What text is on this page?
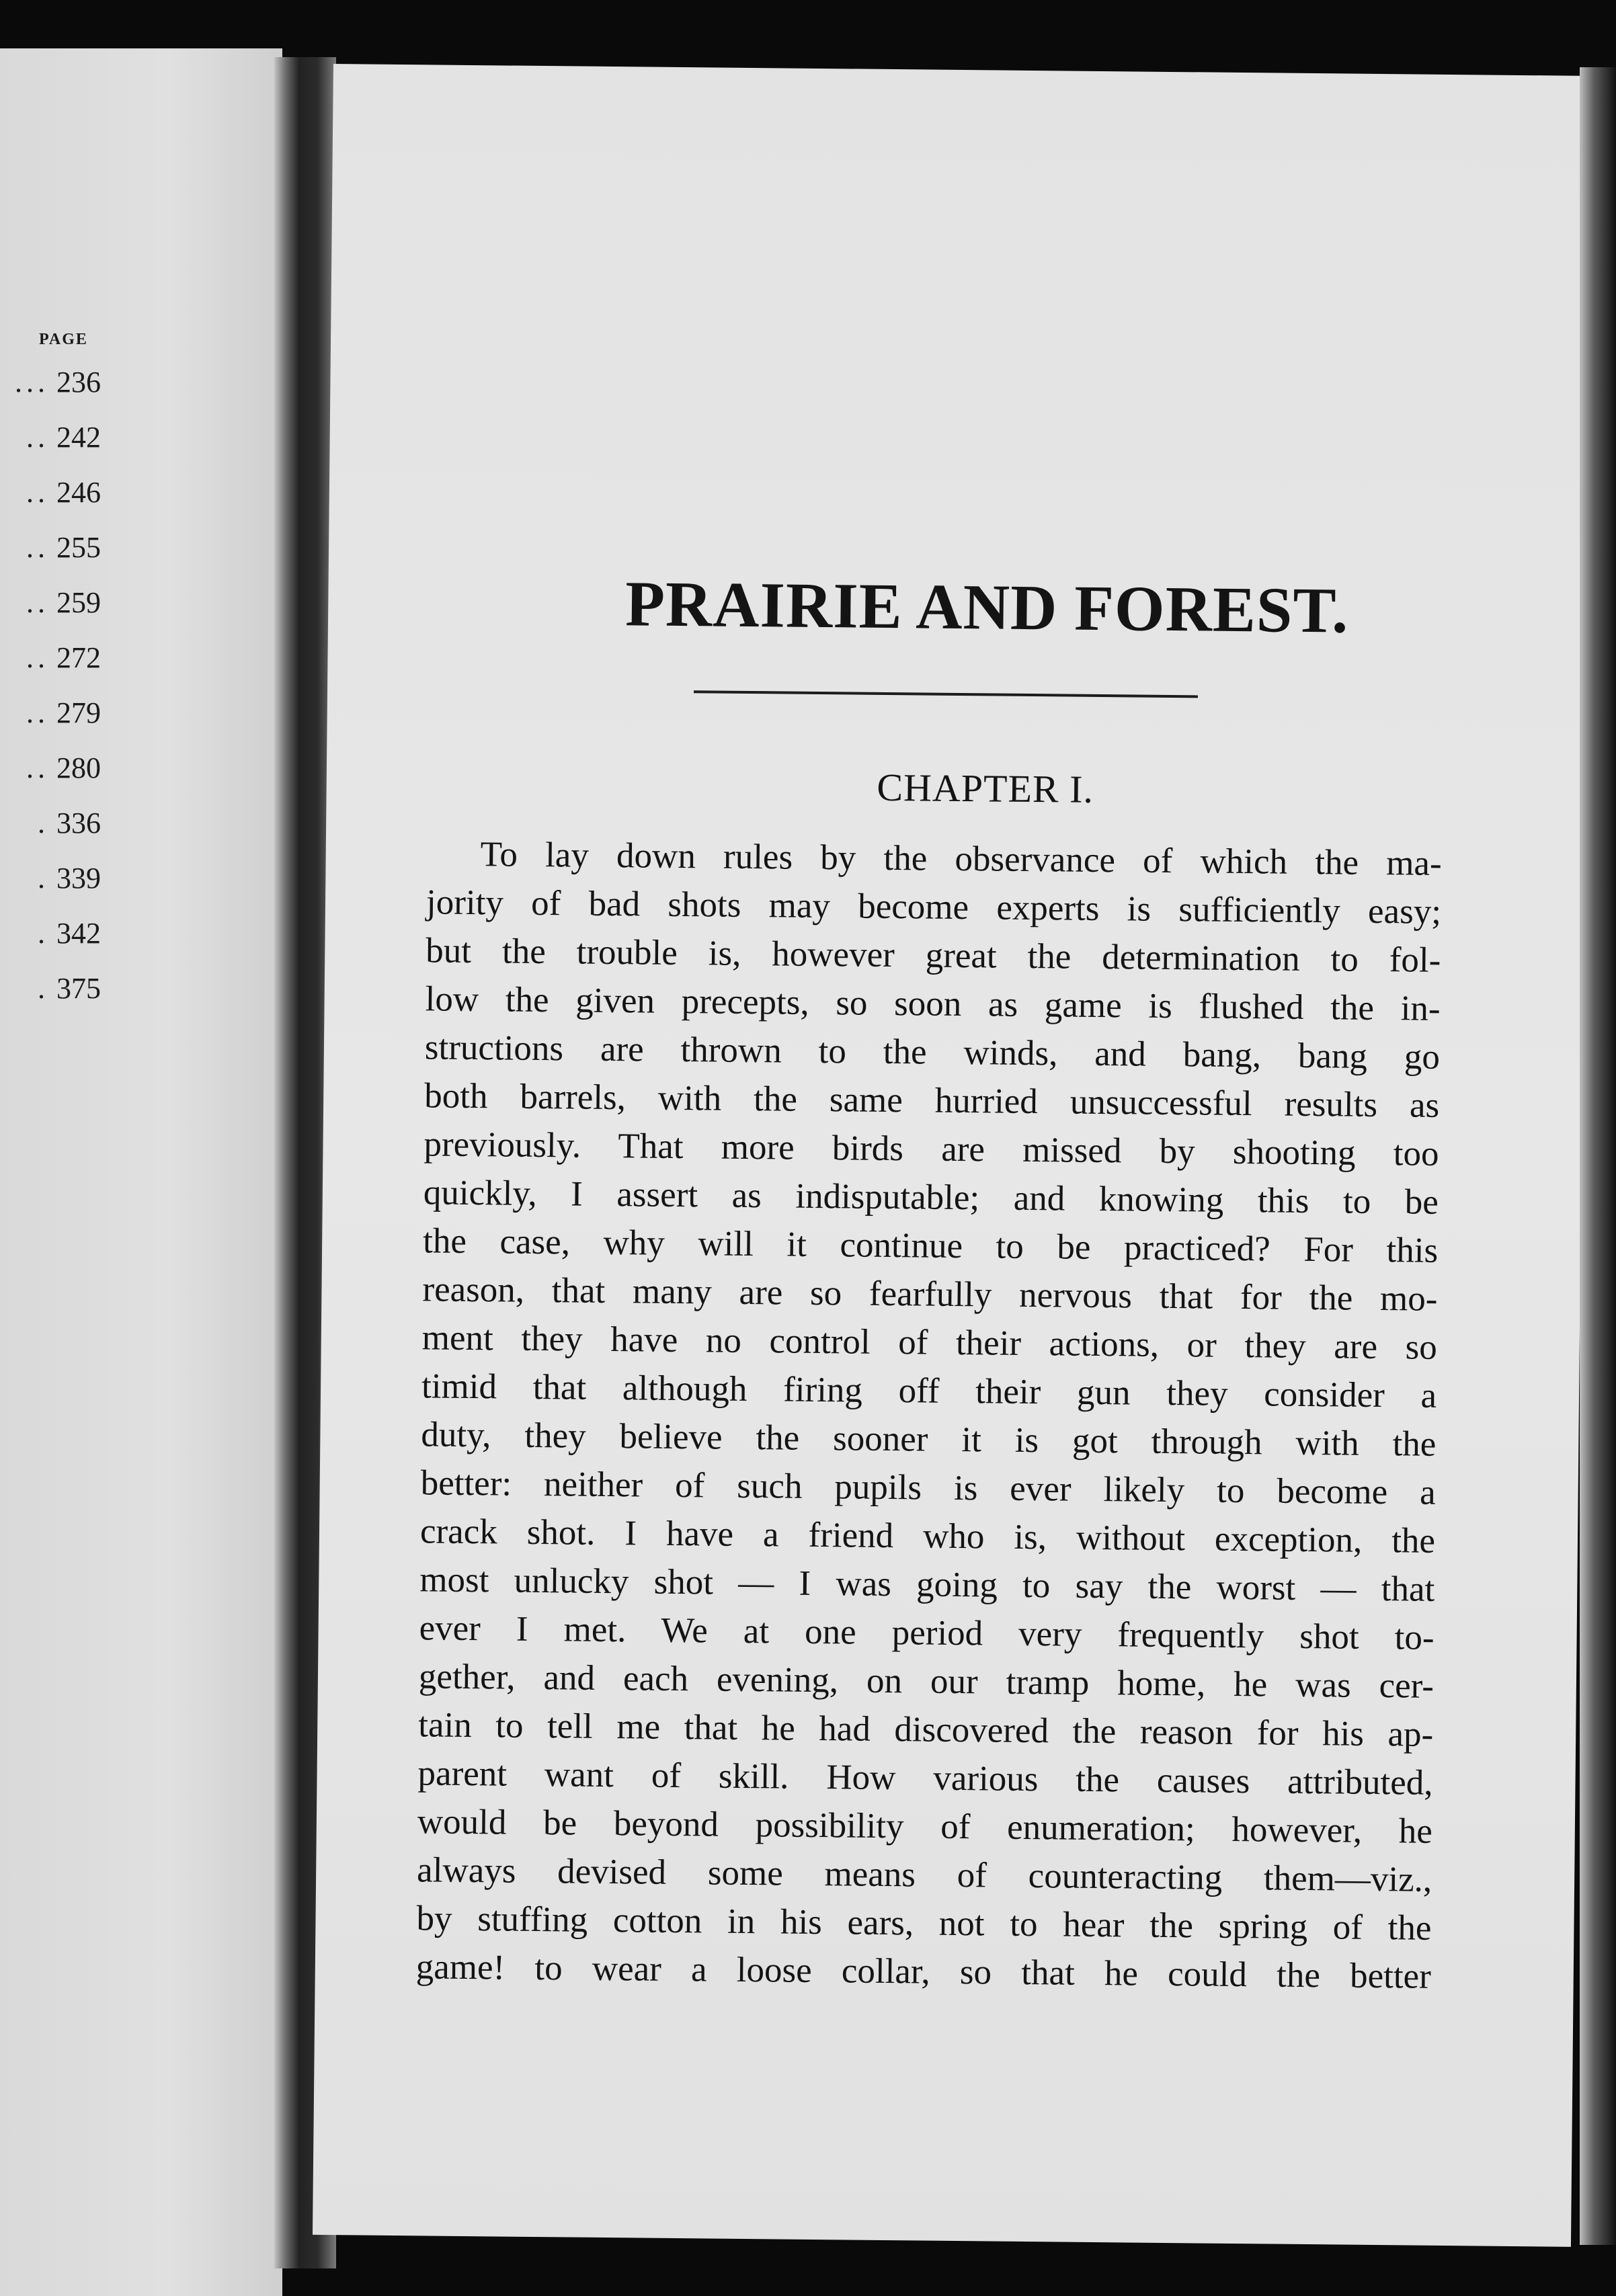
PAGE
... 236
.. 242
.. 246
.. 255
.. 259
.. 272
.. 279
.. 280
. 336
. 339
. 342
. 375
PRAIRIE AND FOREST.
CHAPTER I.
To lay down rules by the observance of which the ma-
jority of bad shots may become experts is sufficiently easy;
but the trouble is, however great the determination to fol-
low the given precepts, so soon as game is flushed the in-
structions are thrown to the winds, and bang, bang go
both barrels, with the same hurried unsuccessful results as
previously. That more birds are missed by shooting too
quickly, I assert as indisputable; and knowing this to be
the case, why will it continue to be practiced? For this
reason, that many are so fearfully nervous that for the mo-
ment they have no control of their actions, or they are so
timid that although firing off their gun they consider a
duty, they believe the sooner it is got through with the
better: neither of such pupils is ever likely to become a
crack shot. I have a friend who is, without exception, the
most unlucky shot — I was going to say the worst — that
ever I met. We at one period very frequently shot to-
gether, and each evening, on our tramp home, he was cer-
tain to tell me that he had discovered the reason for his ap-
parent want of skill. How various the causes attributed,
would be beyond possibility of enumeration; however, he
always devised some means of counteracting them—viz.,
by stuffing cotton in his ears, not to hear the spring of the
game! to wear a loose collar, so that he could the better
